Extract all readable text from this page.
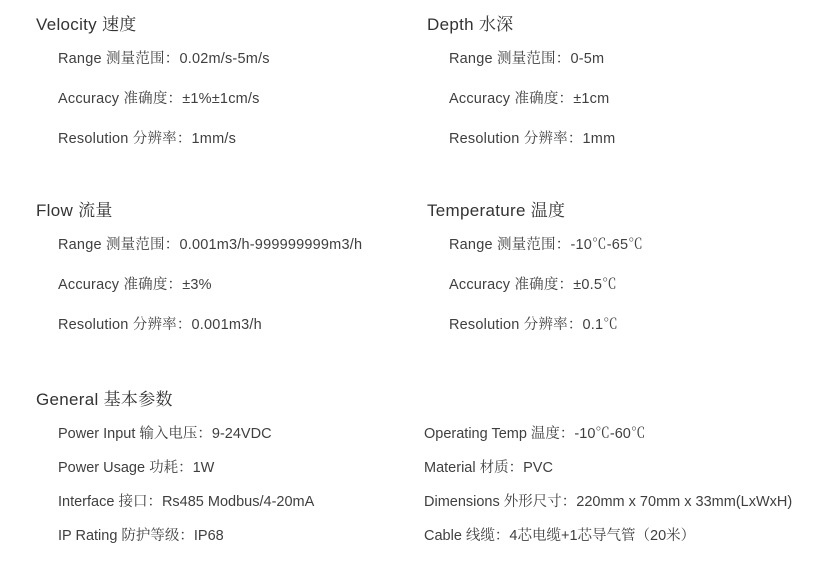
Velocity 速度
Range 测量范围：0.02m/s-5m/s
Accuracy 准确度：±1%±1cm/s
Resolution 分辨率：1mm/s
Depth 水深
Range 测量范围：0-5m
Accuracy 准确度：±1cm
Resolution 分辨率：1mm
Flow 流量
Range 测量范围：0.001m3/h-999999999m3/h
Accuracy 准确度：±3%
Resolution 分辨率：0.001m3/h
Temperature 温度
Range 测量范围：-10℃-65℃
Accuracy 准确度：±0.5℃
Resolution 分辨率：0.1℃
General 基本参数
Power Input 输入电压：9-24VDC	Operating Temp 温度：-10℃-60℃
Power Usage 功耗：1W	Material 材质：PVC
Interface 接口：Rs485 Modbus/4-20mA	Dimensions 外形尺寸：220mm x 70mm x 33mm(LxWxH)
IP Rating 防护等级：IP68	Cable 线缆：4芯电缆+1芯导气管（20米）
